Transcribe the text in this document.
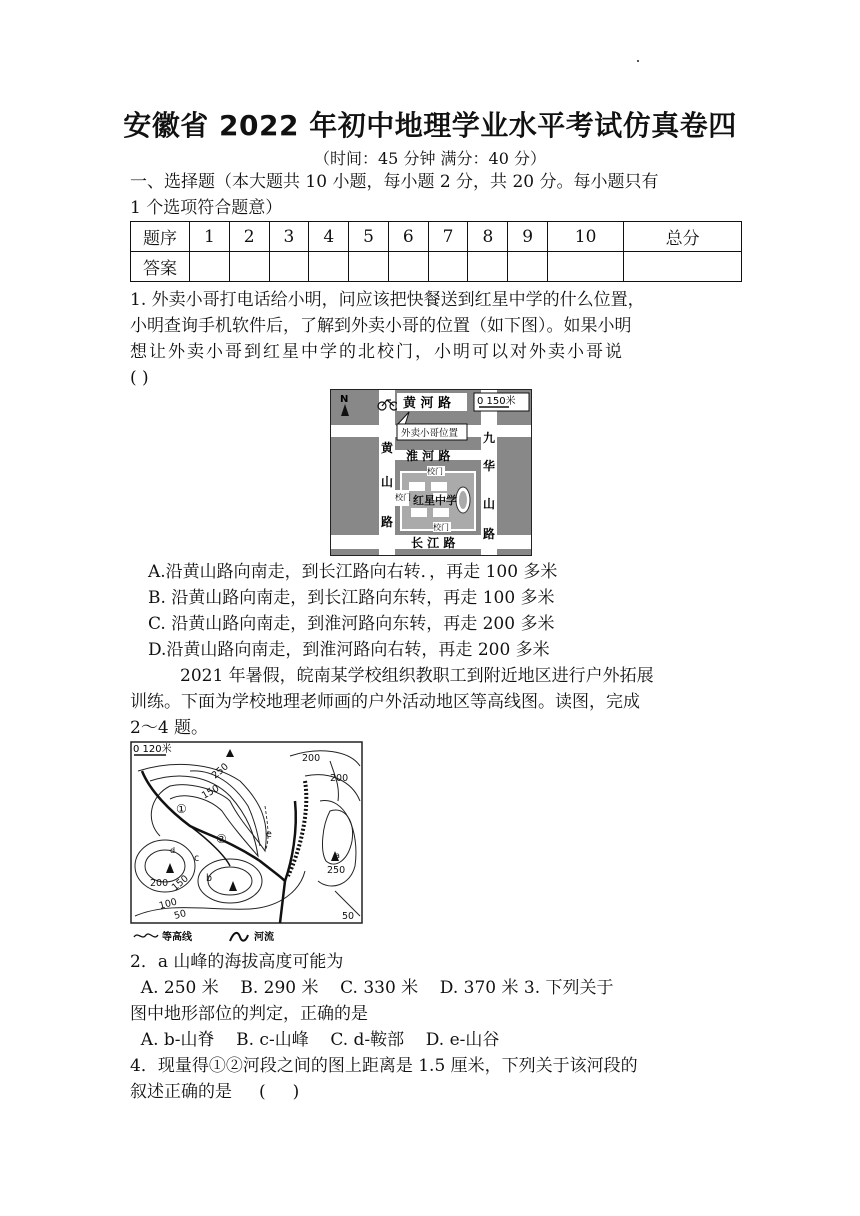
安徽省 2022 年初中地理学业水平考试仿真卷四
（时间：45 分钟 满分：40 分）
一、选择题（本大题共 10 小题，每小题 2 分，共 20 分。每小题只有
1 个选项符合题意）
题序	1	2	3	4	5	6	7	8	9	10	总分
答案											
1. 外卖小哥打电话给小明，问应该把快餐送到红星中学的什么位置，
小明查询手机软件后，了解到外卖小哥的位置（如下图）。如果小明
想让外卖小哥到红星中学的北校门，小明可以对外卖小哥说
( )
N	0 150米
黄 河 路
外卖小哥位置
黄
山
路
九
华
山
路
淮 河 路
校门
校门 红星中学
校门
长 江 路
A.沿黄山路向南走，到长江路向右转．，再走 100 多米
B. 沿黄山路向南走，到长江路向东转，再走 100 多米
C. 沿黄山路向南走，到淮河路向东转，再走 200 多米
D.沿黄山路向南走，到淮河路向右转，再走 200 多米
2021 年暑假，皖南某学校组织教职工到附近地区进行户外拓展
训练。下面为学校地理老师画的户外活动地区等高线图。读图，完成
2～4 题。
0 120米
250
200
150
200
250
200 150
100
50	50
a
b
c
d
e
①
②
等高线	河流
2．a 山峰的海拔高度可能为
A. 250 米    B. 290 米    C. 330 米    D. 370 米 3. 下列关于
图中地形部位的判定，正确的是
A. b-山脊    B. c-山峰    C. d-鞍部    D. e-山谷
4．现量得①②河段之间的图上距离是 1.5 厘米，下列关于该河段的
叙述正确的是     (     )
